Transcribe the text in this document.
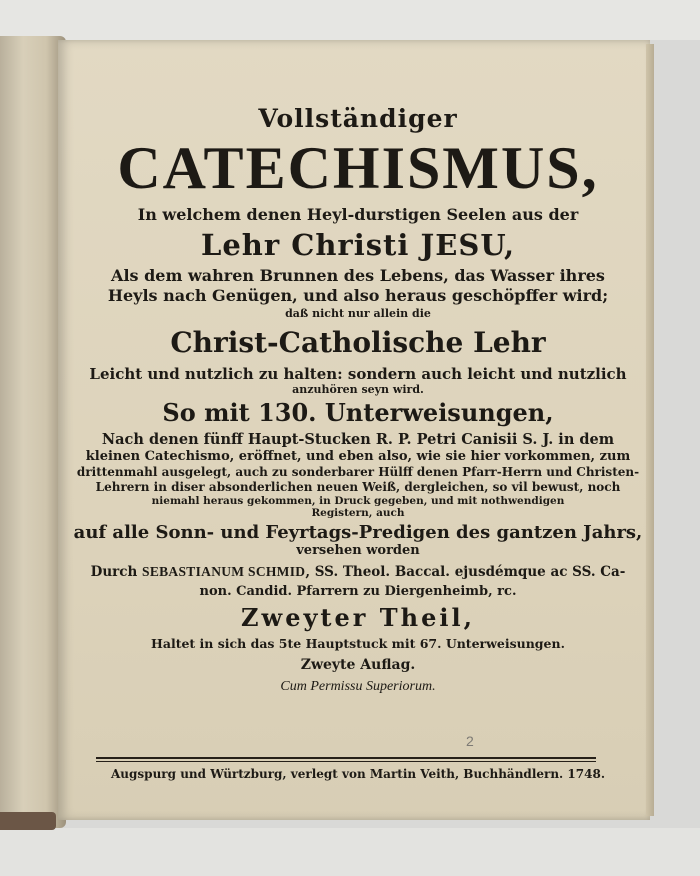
Vollständiger
CATECHISMUS,
In welchem denen Heyl-durstigen Seelen aus der
Lehr Christi JESU,
Als dem wahren Brunnen des Lebens, das Wasser ihres
Heyls nach Genügen, und also heraus geschöpffer wird;
daß nicht nur allein die
Christ-Catholische Lehr
Leicht und nutzlich zu halten: sondern auch leicht und nutzlich
anzuhören seyn wird.
So mit 130. Unterweisungen,
Nach denen fünff Haupt-Stucken R. P. Petri Canisii S. J. in dem
kleinen Catechismo, eröffnet, und eben also, wie sie hier vorkommen, zum
drittenmahl ausgelegt, auch zu sonderbarer Hülff denen Pfarr-Herrn und Christen-
Lehrern in diser absonderlichen neuen Weiß, dergleichen, so vil bewust, noch
niemahl heraus gekommen, in Druck gegeben, und mit nothwendigen
Registern, auch
auf alle Sonn- und Feyrtags-Predigen des gantzen Jahrs,
versehen worden
Durch SEBASTIANUM SCHMID, SS. Theol. Baccal. ejusdémque ac SS. Ca-
non. Candid. Pfarrern zu Diergenheimb, rc.
Zweyter Theil,
Haltet in sich das 5te Hauptstuck mit 67. Unterweisungen.
Zweyte Auflag.
Cum Permissu Superiorum.
2
Augspurg und Würtzburg, verlegt von Martin Veith, Buchhändlern. 1748.
